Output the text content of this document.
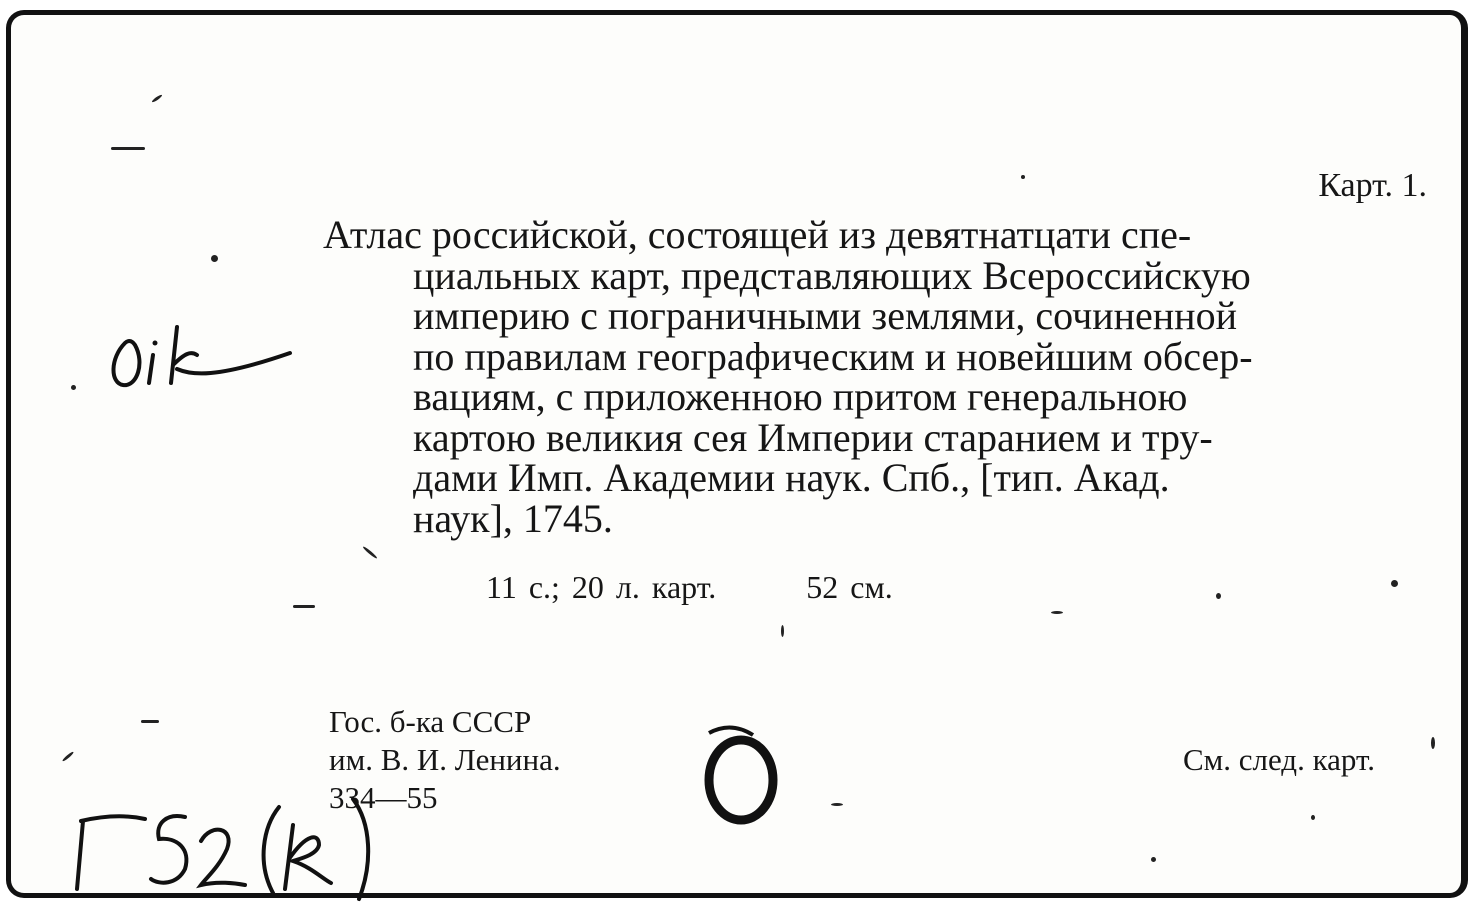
Карт. 1.
Атлас российской, состоящей из девятнатцати спе-
циальных карт, представляющих Всероссийскую
империю с пограничными землями, сочиненной
по правилам географическим и новейшим обсер-
вациям, с приложенною притом генеральною
картою великия сея Империи старанием и тру-
дами Имп. Академии наук. Спб., [тип. Акад.
наук], 1745.
11 с.; 20 л. карт.	52 см.
Гос. б-ка СССР
им. В. И. Ленина.
334—55
См. след. карт.
